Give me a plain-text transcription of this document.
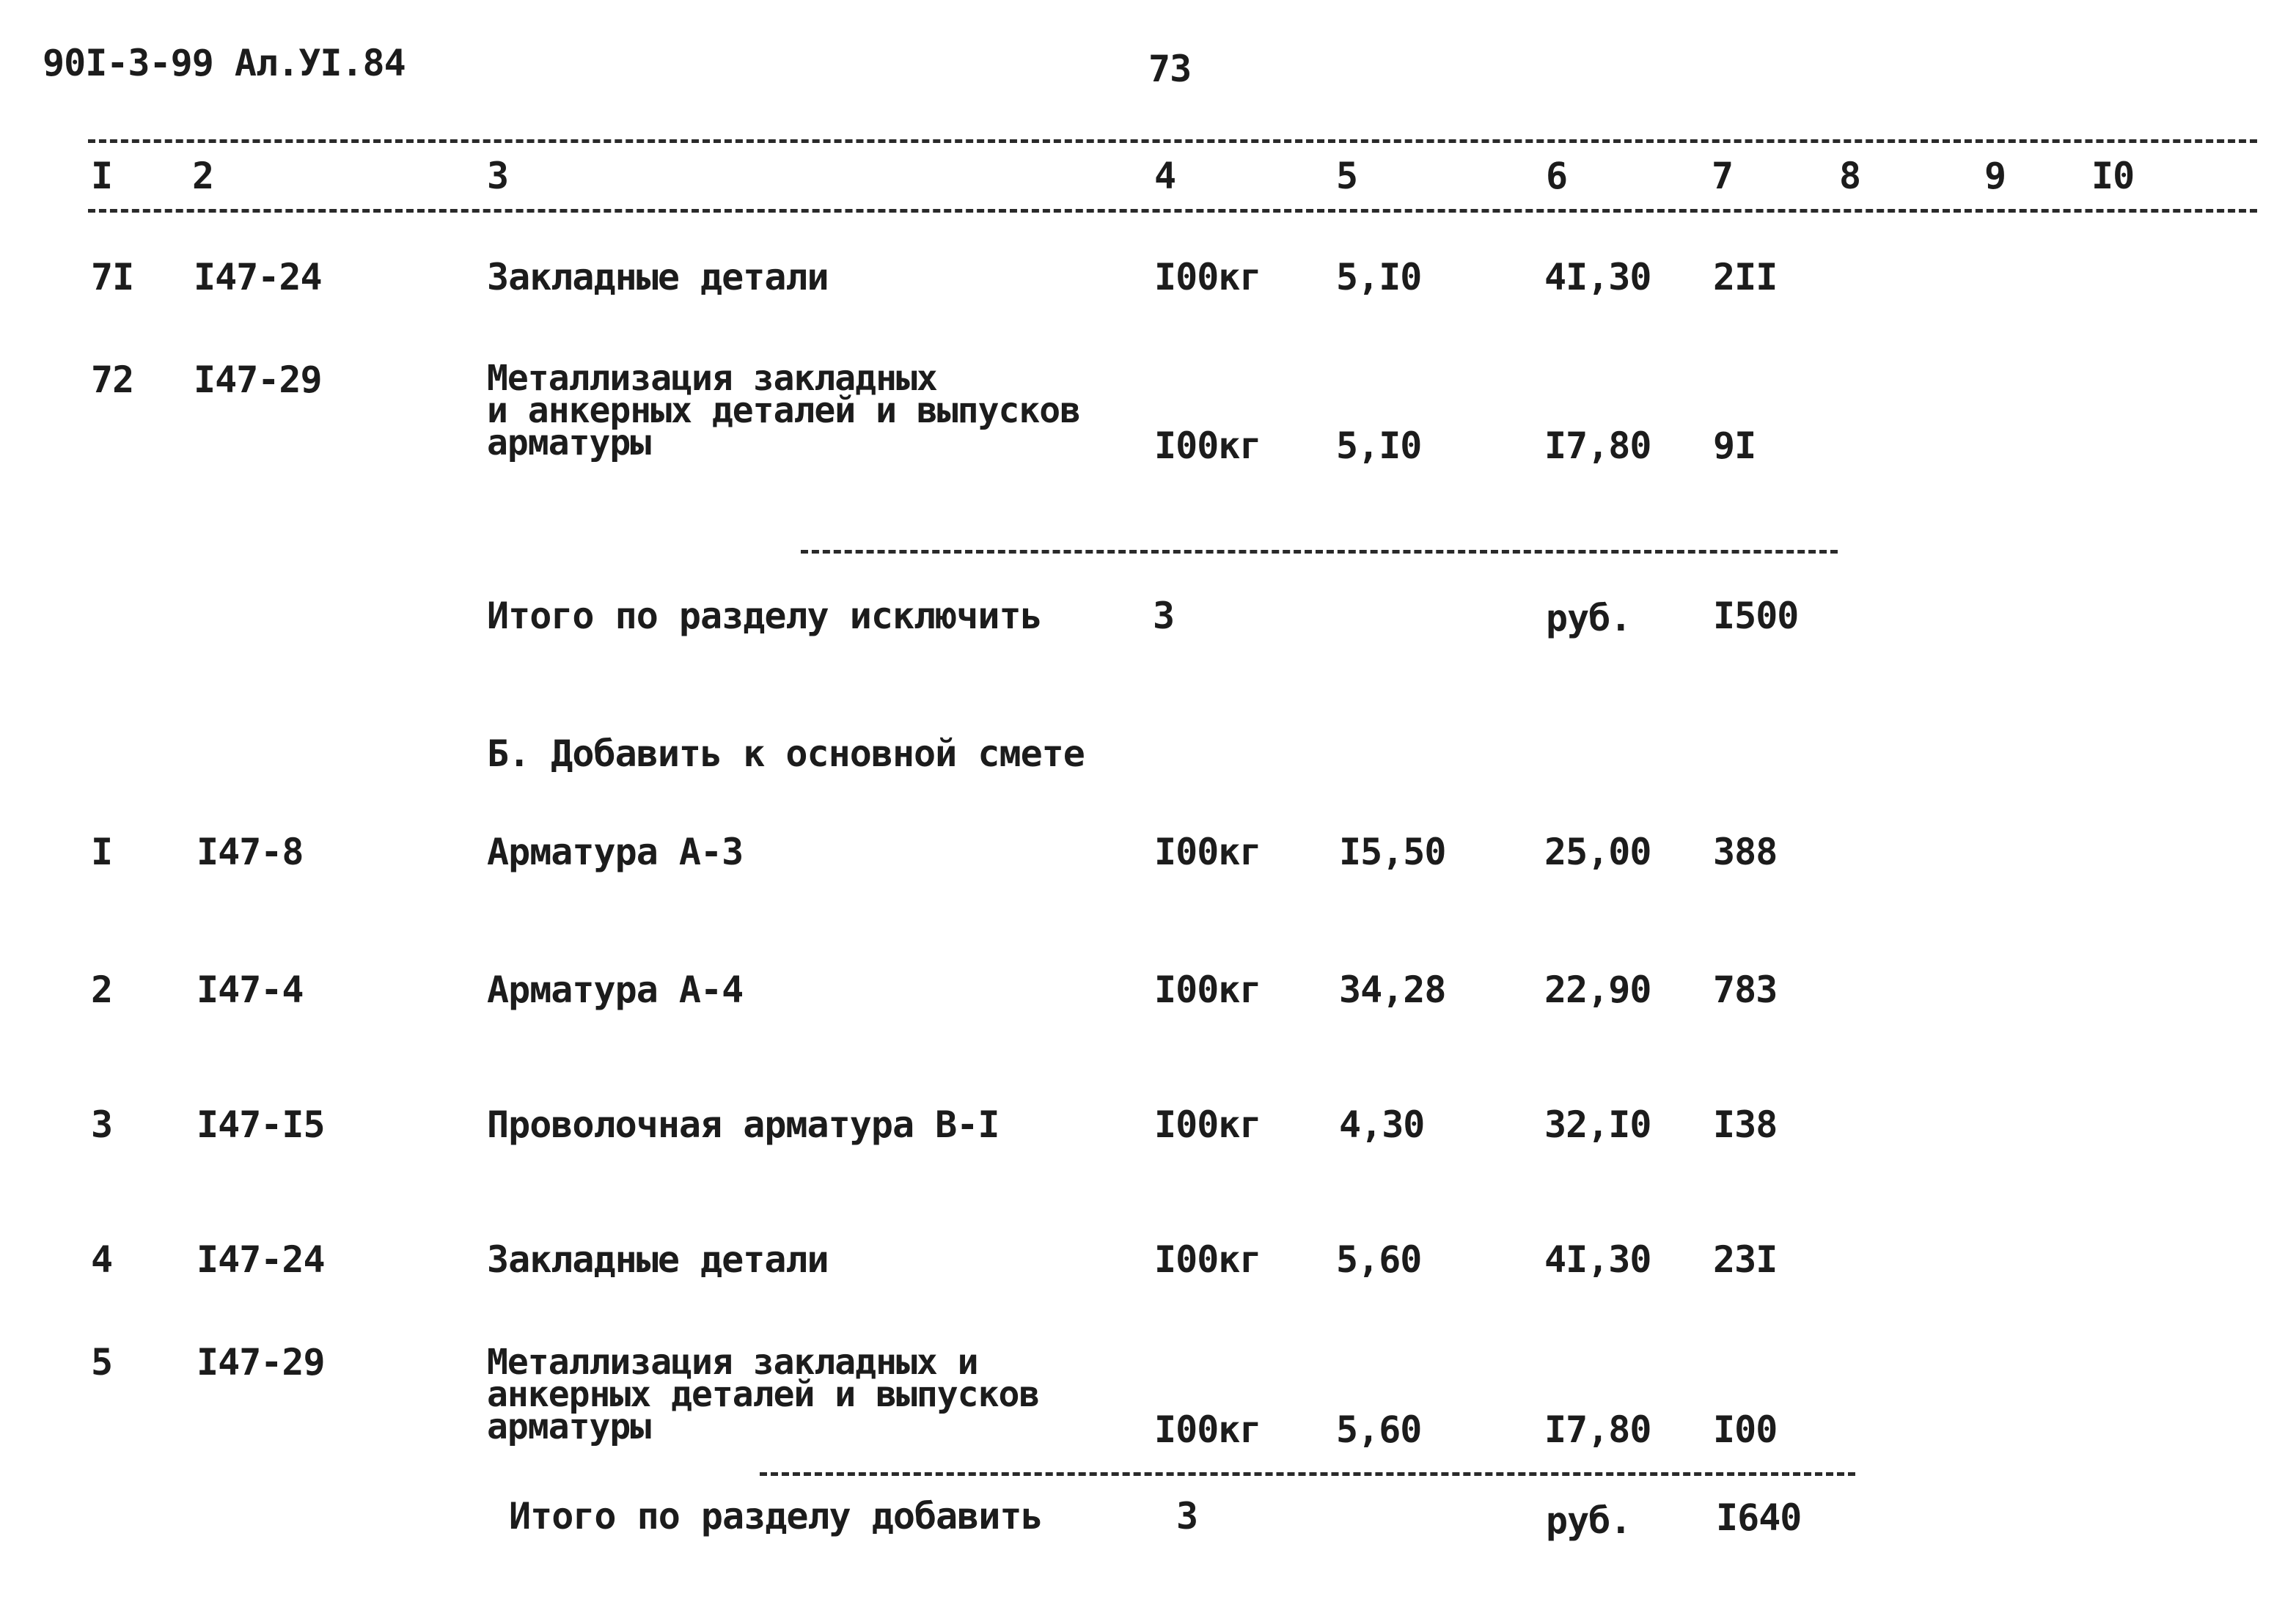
90I-3-99 Ал.УI.84	73
I 2	3	4	5	6	7	8	9 I0
7I I47-24	Закладные детали	I00кг 5,I0	4I,30 2II
72 I47-29	Металлизация закладных
и анкерных деталей и выпусков
арматуры	I00кг 5,I0	I7,80 9I
Итого по разделу исключить	3	руб. I500
Б. Добавить к основной смете
I I47-8	Арматура А-3	I00кг I5,50	25,00 388
2 I47-4	Арматура А-4	I00кг 34,28	22,90 783
3 I47-I5	Проволочная арматура В-I	I00кг 4,30	32,I0 I38
4 I47-24	Закладные детали	I00кг 5,60	4I,30 23I
5 I47-29	Металлизация закладных и
анкерных деталей и выпусков
арматуры	I00кг 5,60	I7,80 I00
Итого по разделу добавить	3	руб. I640
